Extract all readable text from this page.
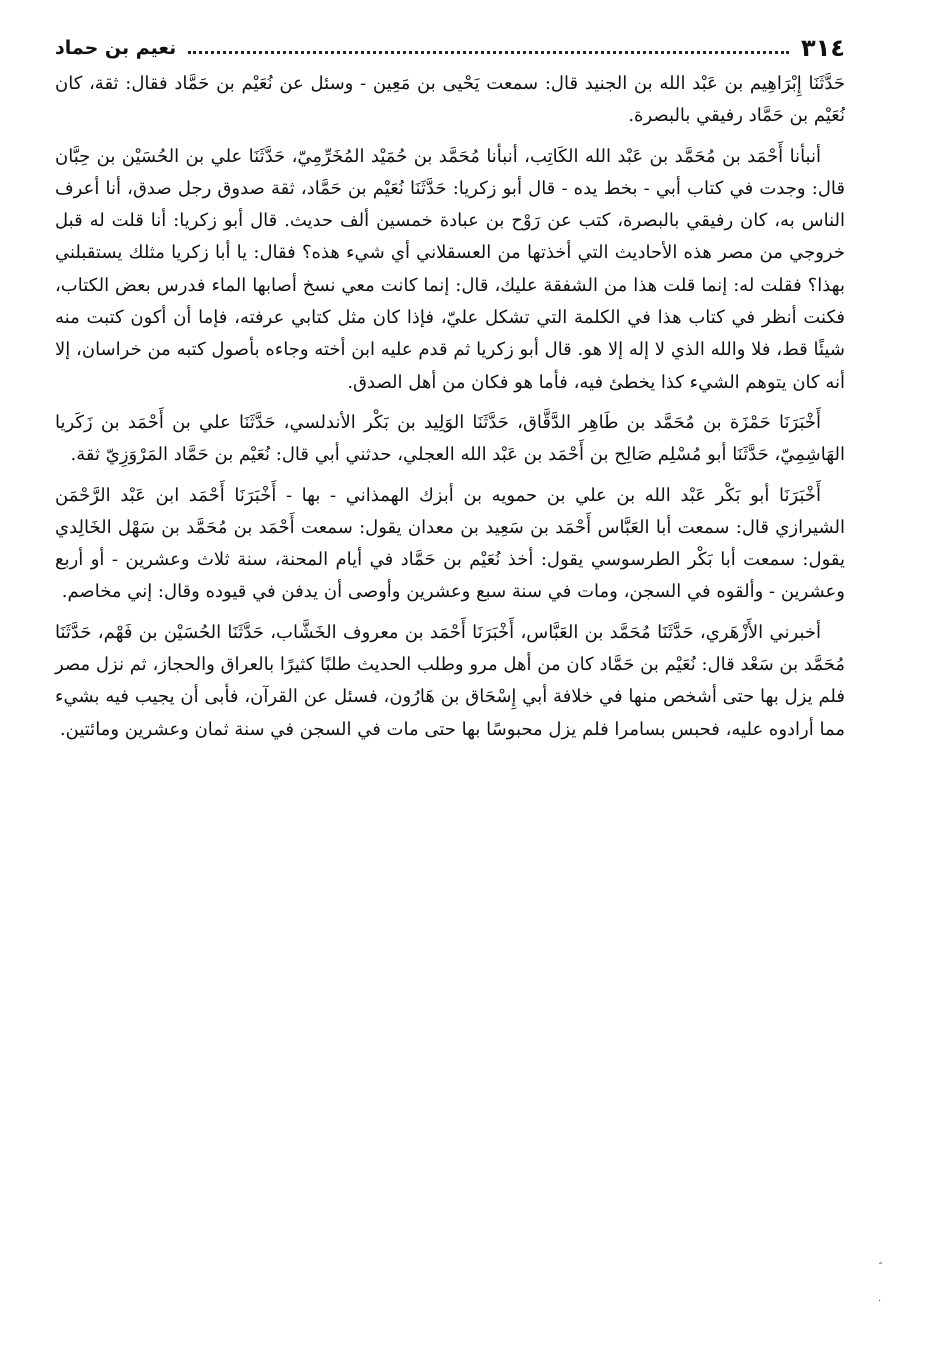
٣١٤
نعيم بن حماد

حَدَّثَنَا إِبْرَاهِيم بن عَبْد الله بن الجنيد قال: سمعت يَحْيى بن مَعِين - وسئل عن نُعَيْم بن حَمَّاد فقال: ثقة، كان نُعَيْم بن حَمَّاد رفيقي بالبصرة.

أنبأنا أَحْمَد بن مُحَمَّد بن عَبْد الله الكَاتِب، أنبأنا مُحَمَّد بن حُمَيْد المُخَرِّمِيّ، حَدَّثَنَا علي بن الحُسَيْن بن حِبَّان قال: وجدت في كتاب أبي - بخط يده - قال أبو زكريا: حَدَّثَنَا نُعَيْم بن حَمَّاد، ثقة صدوق رجل صدق، أنا أعرف الناس به، كان رفيقي بالبصرة، كتب عن رَوْح بن عبادة خمسين ألف حديث. قال أبو زكريا: أنا قلت له قبل خروجي من مصر هذه الأحاديث التي أخذتها من العسقلاني أي شيء هذه؟ فقال: يا أبا زكريا مثلك يستقبلني بهذا؟ فقلت له: إنما قلت هذا من الشفقة عليك، قال: إنما كانت معي نسخ أصابها الماء فدرس بعض الكتاب، فكنت أنظر في كتاب هذا في الكلمة التي تشكل عليّ، فإذا كان مثل كتابي عرفته، فإما أن أكون كتبت منه شيئًا قط، فلا والله الذي لا إله إلا هو. قال أبو زكريا ثم قدم عليه ابن أخته وجاءه بأصول كتبه من خراسان، إلا أنه كان يتوهم الشيء كذا يخطئ فيه، فأما هو فكان من أهل الصدق.

أَخْبَرَنَا حَمْزَة بن مُحَمَّد بن طَاهِر الدَّقَّاق، حَدَّثَنَا الوَلِيد بن بَكْر الأندلسي، حَدَّثَنَا علي بن أَحْمَد بن زَكَريا الهَاشِمِيّ، حَدَّثَنَا أبو مُسْلِم صَالِح بن أَحْمَد بن عَبْد الله العجلي، حدثني أبي قال: نُعَيْم بن حَمَّاد المَرْوَزِيّ ثقة.

أَخْبَرَنَا أبو بَكْر عَبْد الله بن علي بن حمويه بن أبزك الهمذاني - بها - أَخْبَرَنَا أَحْمَد ابن عَبْد الرَّحْمَن الشيرازي قال: سمعت أبا العَبَّاس أَحْمَد بن سَعِيد بن معدان يقول: سمعت أَحْمَد بن مُحَمَّد بن سَهْل الخَالِدي يقول: سمعت أبا بَكْر الطرسوسي يقول: أخذ نُعَيْم بن حَمَّاد في أيام المحنة، سنة ثلاث وعشرين - أو أربع وعشرين - وألقوه في السجن، ومات في سنة سبع وعشرين وأوصى أن يدفن في قيوده وقال: إني مخاصم.

أخبرني الأَزْهَري، حَدَّثَنَا مُحَمَّد بن العَبَّاس، أَخْبَرَنَا أَحْمَد بن معروف الخَشَّاب، حَدَّثَنَا الحُسَيْن بن فَهْم، حَدَّثَنَا مُحَمَّد بن سَعْد قال: نُعَيْم بن حَمَّاد كان من أهل مرو وطلب الحديث طلبًا كثيرًا بالعراق والحجاز، ثم نزل مصر فلم يزل بها حتى أشخص منها في خلافة أبي إِسْحَاق بن هَارُون، فسئل عن القرآن، فأبى أن يجيب فيه بشيء مما أرادوه عليه، فحبس بسامرا فلم يزل محبوسًا بها حتى مات في السجن في سنة ثمان وعشرين ومائتين.

ˆ
·
